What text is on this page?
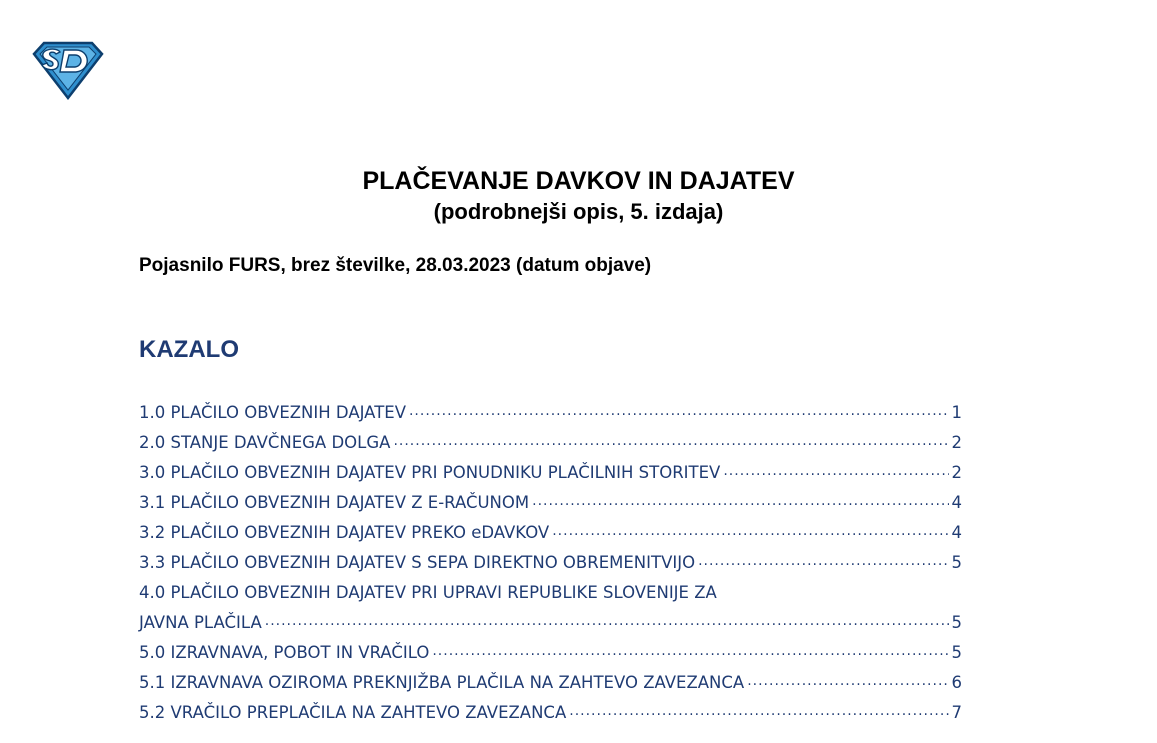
PLAČEVANJE DAVKOV IN DAJATEV

(podrobnejši opis, 5. izdaja)

Pojasnilo FURS, brez številke, 28.03.2023 (datum objave)
KAZALO
1.0 PLAČILO OBVEZNIH DAJATEV .....	1
2.0 STANJE DAVČNEGA DOLGA .....	2
3.0 PLAČILO OBVEZNIH DAJATEV PRI PONUDNIKU PLAČILNIH STORITEV .....	2
3.1 PLAČILO OBVEZNIH DAJATEV Z E-RAČUNOM .....	4
3.2 PLAČILO OBVEZNIH DAJATEV PREKO eDAVKOV .....	4
3.3 PLAČILO OBVEZNIH DAJATEV S SEPA DIREKTNO OBREMENITVIJO .....	5
4.0 PLAČILO OBVEZNIH DAJATEV PRI UPRAVI REPUBLIKE SLOVENIJE ZA
JAVNA PLAČILA .....	5
5.0 IZRAVNAVA, POBOT IN VRAČILO .....	5
5.1 IZRAVNAVA OZIROMA PREKNJIŽBA PLAČILA NA ZAHTEVO ZAVEZANCA .....	6
5.2 VRAČILO PREPLAČILA NA ZAHTEVO ZAVEZANCA .....	7
